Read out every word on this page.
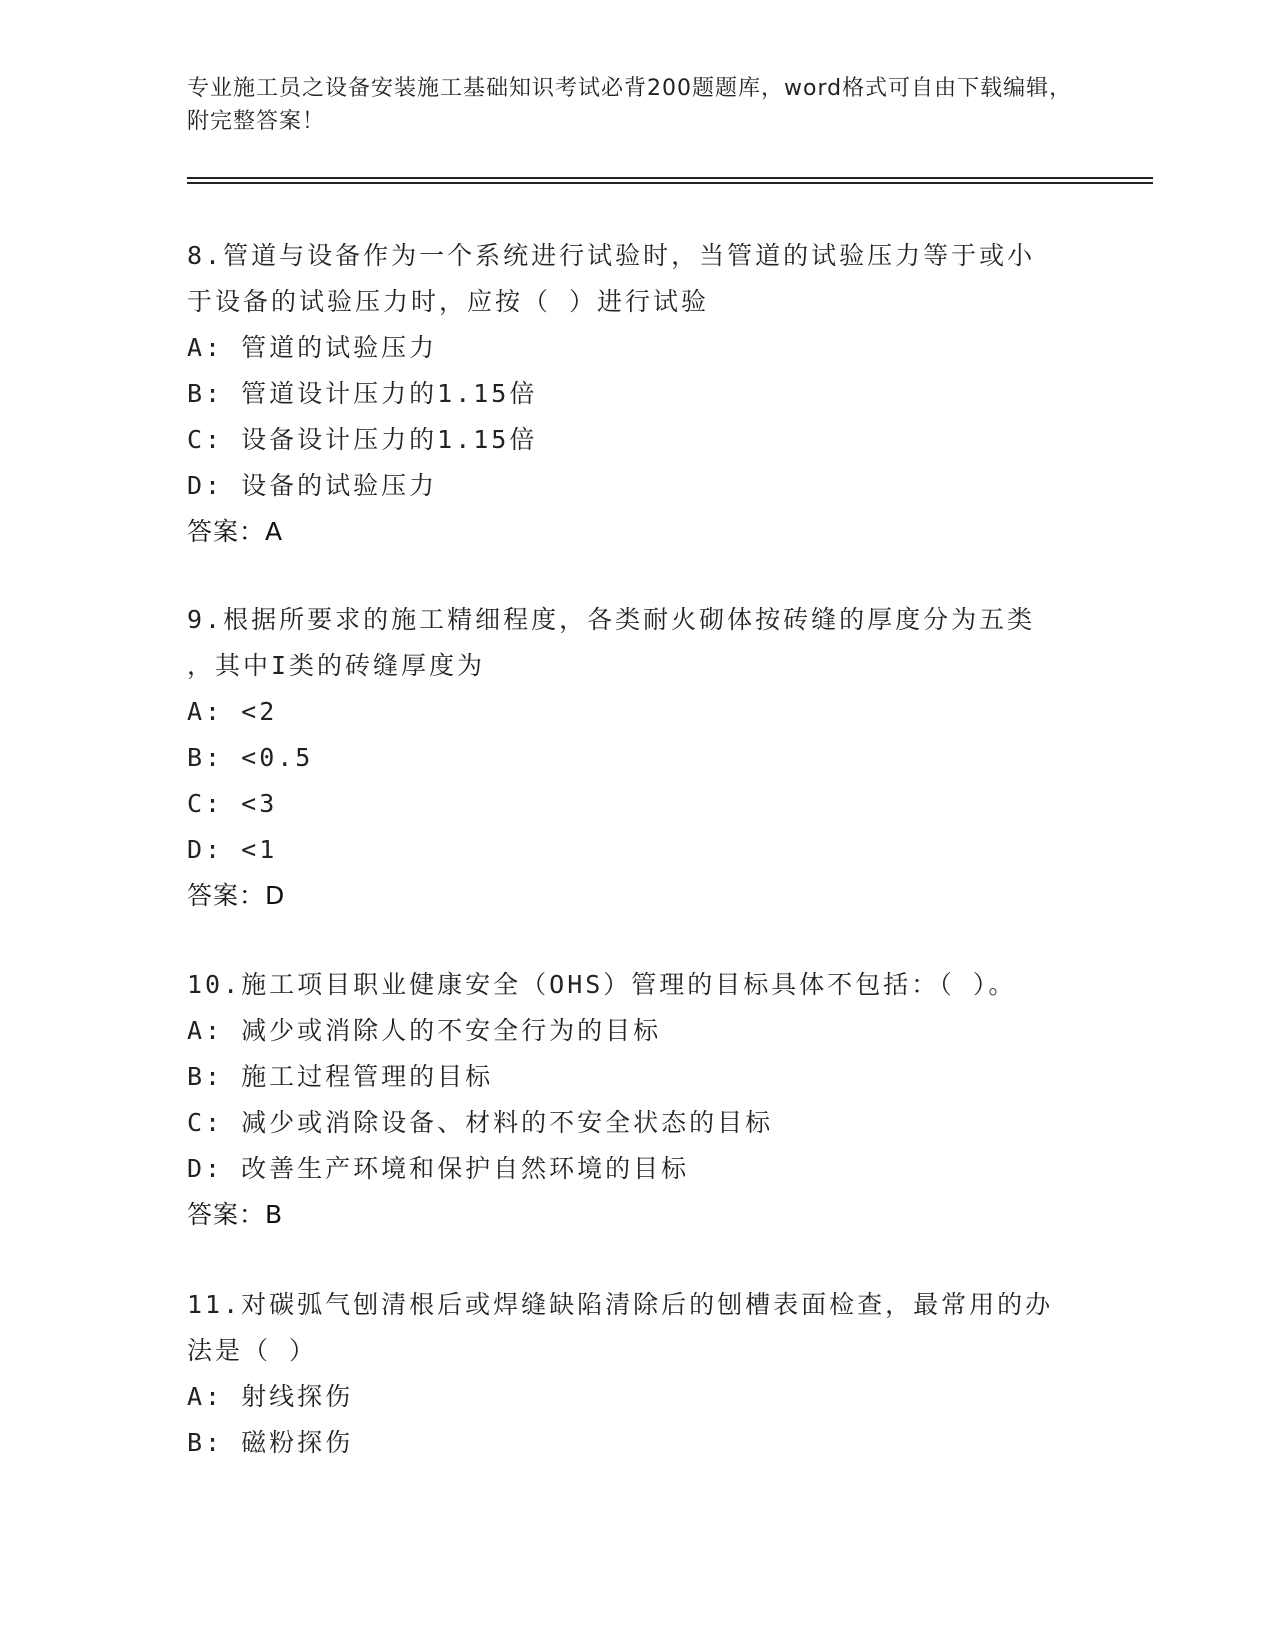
专业施工员之设备安装施工基础知识考试必背200题题库，word格式可自由下载编辑，附完整答案！
8.管道与设备作为一个系统进行试验时，当管道的试验压力等于或小
于设备的试验压力时，应按（ ）进行试验
A: 管道的试验压力
B: 管道设计压力的1.15倍
C: 设备设计压力的1.15倍
D: 设备的试验压力
答案：A
9.根据所要求的施工精细程度，各类耐火砌体按砖缝的厚度分为五类
，其中I类的砖缝厚度为
A: <2
B: <0.5
C: <3
D: <1
答案：D
10.施工项目职业健康安全（OHS）管理的目标具体不包括：（ ）。
A: 减少或消除人的不安全行为的目标
B: 施工过程管理的目标
C: 减少或消除设备、材料的不安全状态的目标
D: 改善生产环境和保护自然环境的目标
答案：B
11.对碳弧气刨清根后或焊缝缺陷清除后的刨槽表面检查，最常用的办
法是（ ）
A: 射线探伤
B: 磁粉探伤
